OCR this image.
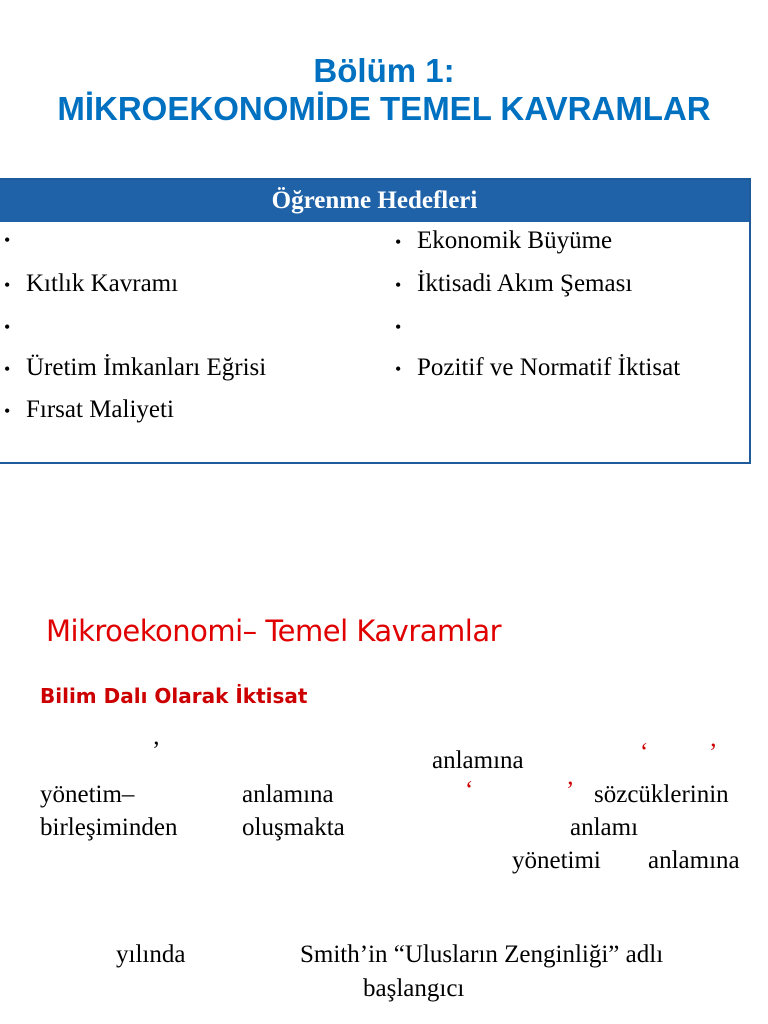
Bölüm 1:
MİKROEKONOMİDE TEMEL KAVRAMLAR
Öğrenme Hedefleri
•
• Kıtlık Kavramı
•
• Üretim İmkanları Eğrisi
• Fırsat Maliyeti
• Ekonomik Büyüme
• İktisadi Akım Şeması
•
• Pozitif ve Normatif İktisat
Mikroekonomi– Temel Kavramlar
Bilim Dalı Olarak İktisat
’	anlamına	‘ ’
yönetim–	anlamına	‘	’ sözcüklerinin
birleşiminden	oluşmakta	anlamı
yönetimi anlamına
yılında	Smith’in “Ulusların Zenginliği” adlı
başlangıcı
